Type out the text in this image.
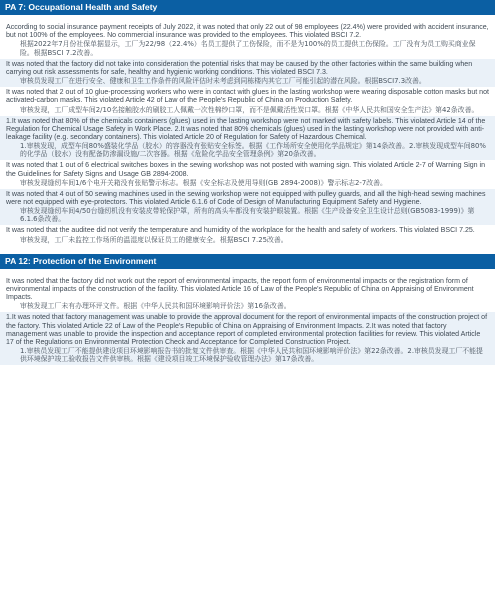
PA 7: Occupational Health and Safety
According to social insurance payment receipts of July 2022, it was noted that only 22 out of 98 employees (22.4%) were provided with accident insurance, but not 100% of the employees. No commercial insurance was provided to the employees. This violated BSCI 7.2.
根据2022年7月份社保单据显示，工厂为22/98（22.4%）名员工提供了工伤保险，而不是为100%的员工提供工伤保险。工厂没有为员工购买商业保险。根据BSCI 7.2改善。
It was noted that the factory did not take into consideration the potential risks that may be caused by the other factories within the same building when carrying out risk assessments for safe, healthy and hygienic working conditions. This violated BSCI 7.3.
审核员发现工厂在进行安全、健康和卫生工作条件的风险评估时未考虑到同栋楼内其它工厂可能引起的潜在风险。根据BSCI7.3改善。
It was noted that 2 out of 10 glue-processing workers who were in contact with glues in the lasting workshop were wearing disposable cotton masks but not activated-carbon masks. This violated Article 42 of Law of the People's Republic of China on Production Safety.
审核发现，工厂成型车间2/10名接触胶水的刷胶工人佩戴一次性棉纱口罩，而不是佩戴活性炭口罩。根据《中华人民共和国安全生产法》第42条改善。
1.It was noted that 80% of the chemicals containers (glues) used in the lasting workshop were not marked with safety labels. This violated Article 14 of the Regulation for Chemical Usage Safety in Work Place. 2.It was noted that 80% chemicals (glues) used in the lasting workshop were not provided with anti-leakage facility (e.g. secondary containers). This violated Article 20 of Regulation for Safety of Hazardous Chemical.
1.审核发现，成型车间80%盛装化学品（胶水）的容器没有张贴安全标签。根据《工作场所安全使用化学品规定》第14条改善。2.审核发现成型车间80%的化学品（胶水）没有配备防渗漏设施/二次容器。根据《危险化学品安全管理条例》第20条改善。
It was noted that 1 out of 6 electrical switches boxes in the sewing workshop was not posted with warning sign. This violated Article 2-7 of Warning Sign in the Guidelines for Safety Signs and Usage GB 2894-2008.
审核发现缝纫车间1/6个电开关箱没有张贴警示标志。根据《安全标志及使用导则(GB 2894-2008)》警示标志2-7改善。
It was noted that 4 out of 50 sewing machines used in the sewing workshop were not equipped with pulley guards, and all the high-head sewing machines were not equipped with eye-protectors. This violated Article 6.1.6 of Code of Design of Manufacturing Equipment Safety and Hygiene.
审核发现缝纫车间4/50台缝纫机没有安装皮带轮保护罩，所有的高头车都没有安装护眼装置。根据《生产设备安全卫生设计总则(GB5083-1999)》第6.1.6条改善。
It was noted that the auditee did not verify the temperature and humidity of the workplace for the health and safety of workers. This violated BSCI 7.25.
审核发现，工厂未监控工作场所的温湿度以保证员工的健康安全。根据BSCI 7.25改善。
PA 12: Protection of the Environment
It was noted that the factory did not work out the report of environmental impacts, the report form of environmental impacts or the registration form of environmental impacts of the construction of the facility. This violated Article 16 of Law of the People's Republic of China on Appraising of Environment Impacts.
审核发现工厂未有办理环评文件。根据《中华人民共和国环境影响评价法》第16条改善。
1.It was noted that factory management was unable to provide the approval document for the report of environmental impacts of the construction project of the factory. This violated Article 22 of Law of the People's Republic of China on Appraising of Environment Impacts. 2.It was noted that factory management was unable to provide the inspection and acceptance report of completed environmental protection facilities for review. This violated Article 17 of the Regulations on Environmental Protection Check and Acceptance for Completed Construction Project.
1.审核员发现工厂不能提供建设项目环境影响报告书的批复文件供审查。根据《中华人民共和国环境影响评价法》第22条改善。2.审核员发现工厂不能提供环境保护竣工验收报告文件供审核。根据《建设项目竣工环境保护验收管理办法》第17条改善。
